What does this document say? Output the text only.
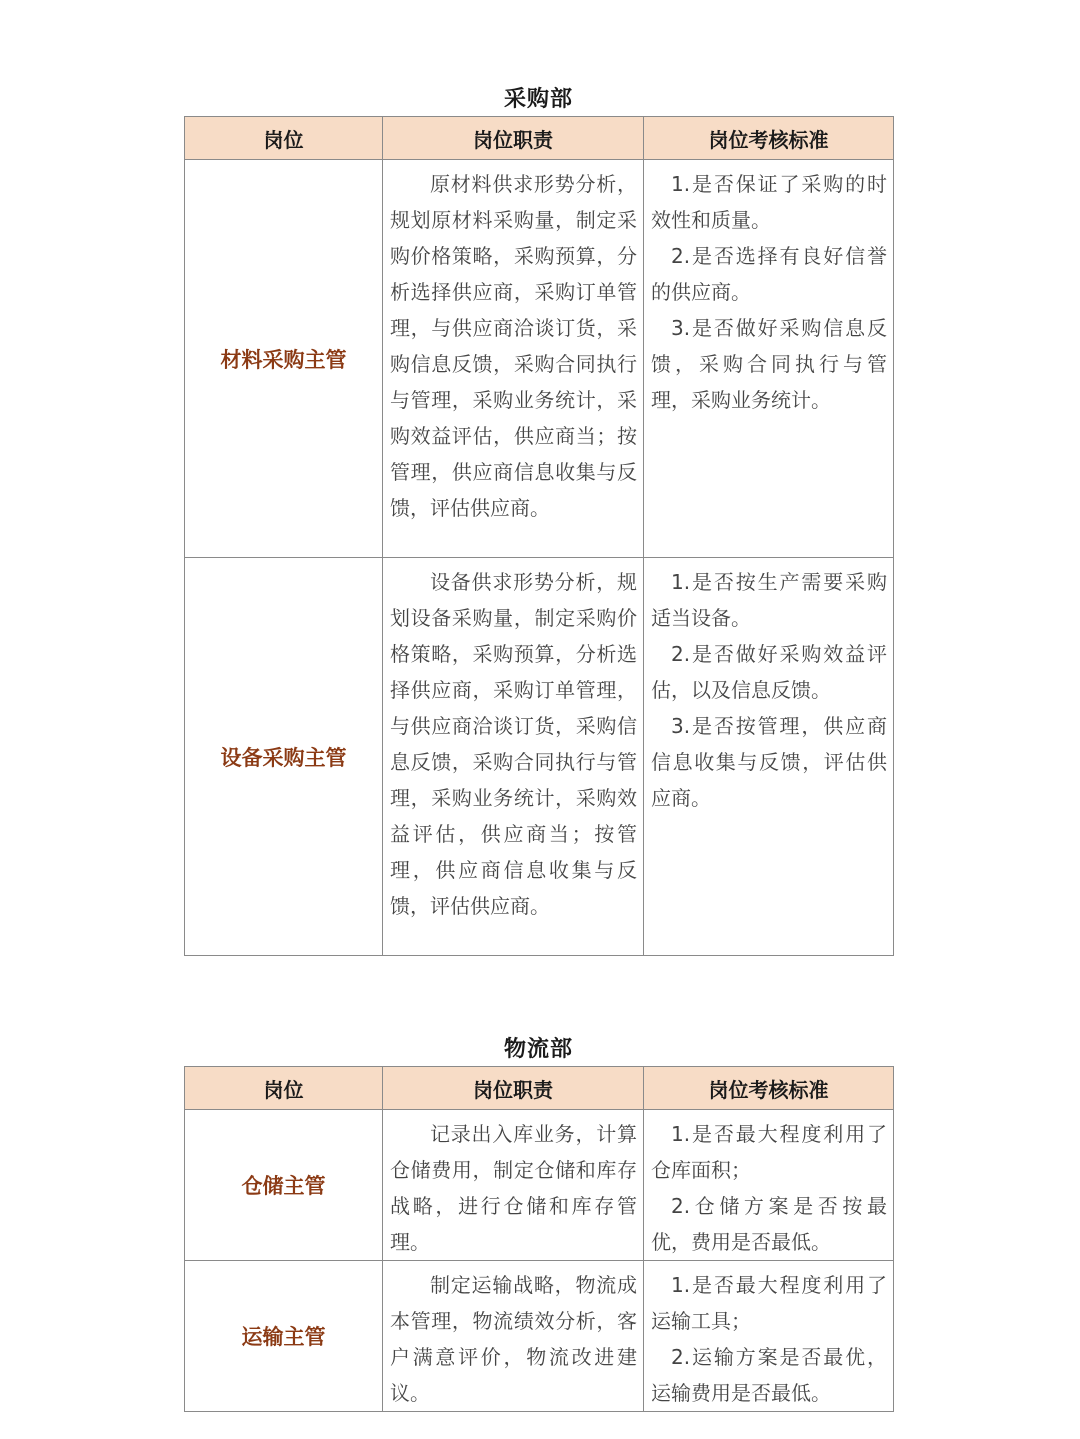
采购部
岗位	岗位职责	岗位考核标准
材料采购主管	原材料供求形势分析，规划原材料采购量，制定采购价格策略，采购预算，分析选择供应商，采购订单管理，与供应商洽谈订货，采购信息反馈，采购合同执行与管理，采购业务统计，采购效益评估，供应商当；按管理，供应商信息收集与反馈，评估供应商。	1.是否保证了采购的时效性和质量。
2.是否选择有良好信誉的供应商。
3.是否做好采购信息反馈，采购合同执行与管理，采购业务统计。

设备采购主管	设备供求形势分析，规划设备采购量，制定采购价格策略，采购预算，分析选择供应商，采购订单管理，与供应商洽谈订货，采购信息反馈，采购合同执行与管理，采购业务统计，采购效益评估，供应商当；按管理，供应商信息收集与反馈，评估供应商。	1.是否按生产需要采购适当设备。
2.是否做好采购效益评估，以及信息反馈。
3.是否按管理，供应商信息收集与反馈，评估供应商。
物流部
岗位	岗位职责	岗位考核标准
仓储主管	记录出入库业务，计算仓储费用，制定仓储和库存战略，进行仓储和库存管理。	1.是否最大程度利用了仓库面积；
2.仓储方案是否按最优，费用是否最低。

运输主管	制定运输战略，物流成本管理，物流绩效分析，客户满意评价，物流改进建议。	1.是否最大程度利用了运输工具；
2.运输方案是否最优，运输费用是否最低。
